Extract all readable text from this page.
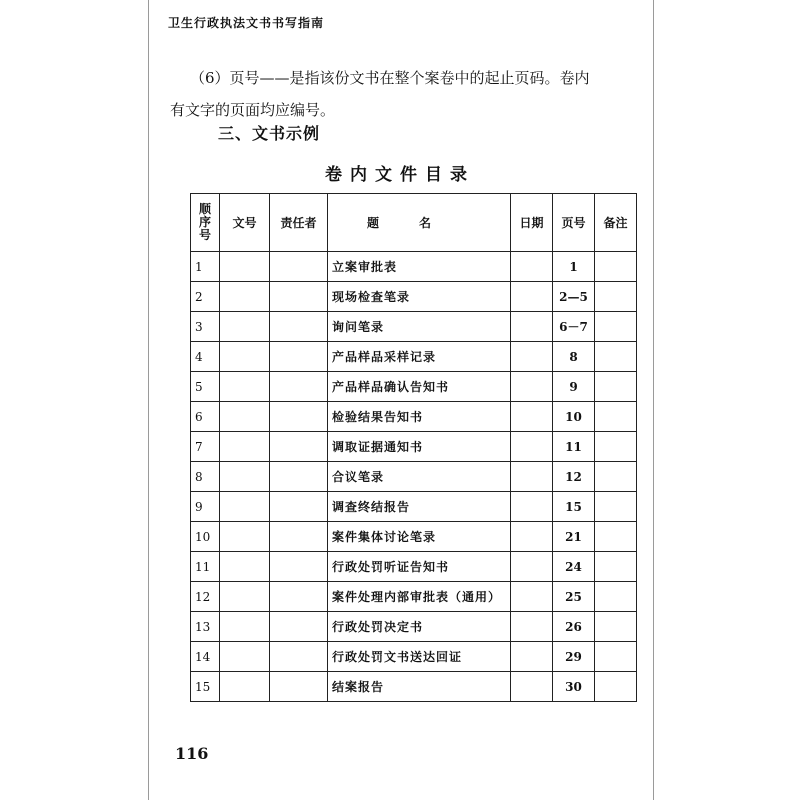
卫生行政执法文书书写指南
（6）页号——是指该份文书在整个案卷中的起止页码。卷内
有文字的页面均应编号。
三、文书示例
卷内文件目录
顺
序
号	文号	责任者	题名	日期	页号	备注
1			立案审批表		1	
2			现场检查笔录		2—5	
3			询问笔录		6－7	
4			产品样品采样记录		8	
5			产品样品确认告知书		9	
6			检验结果告知书		10	
7			调取证据通知书		11	
8			合议笔录		12	
9			调查终结报告		15	
10			案件集体讨论笔录		21	
11			行政处罚听证告知书		24	
12			案件处理内部审批表（通用）		25	
13			行政处罚决定书		26	
14			行政处罚文书送达回证		29	
15			结案报告		30	
116
